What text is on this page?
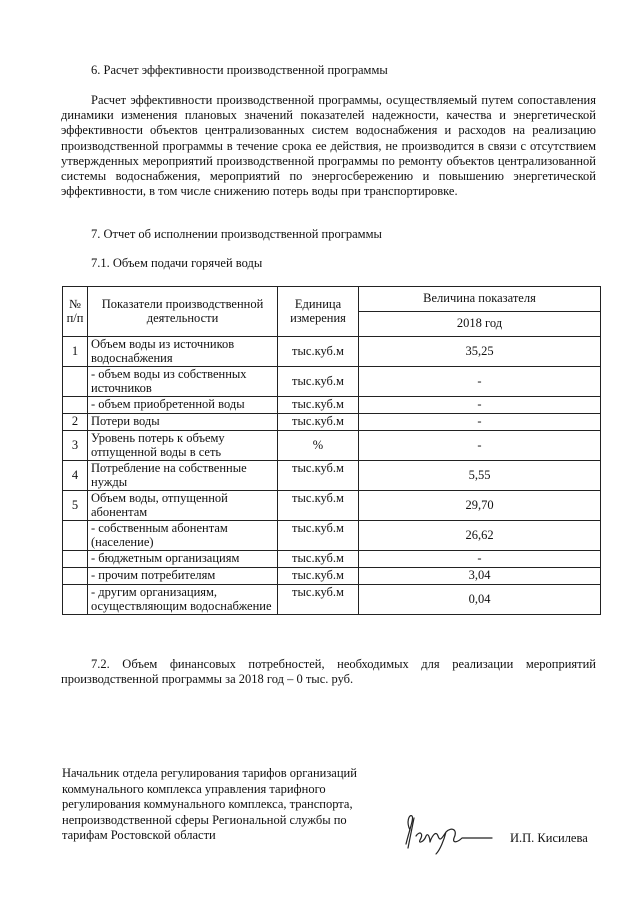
6. Расчет эффективности производственной программы
Расчет эффективности производственной программы, осуществляемый путем сопоставления динамики изменения плановых значений показателей надежности, качества и энергетической эффективности объектов централизованных систем водоснабжения и расходов на реализацию производственной программы в течение срока ее действия, не производится в связи с отсутствием утвержденных мероприятий производственной программы по ремонту объектов централизованной системы водоснабжения, мероприятий по энергосбережению и повышению энергетической эффективности, в том числе снижению потерь воды при транспортировке.
7. Отчет об исполнении производственной программы
7.1. Объем подачи горячей воды
№ п/п	Показатели производственной деятельности	Единица измерения	Величина показателя
			2018 год
1	Объем воды из источников водоснабжения	тыс.куб.м	35,25
	- объем воды из собственных источников	тыс.куб.м	-
	- объем приобретенной воды	тыс.куб.м	-
2	Потери воды	тыс.куб.м	-
3	Уровень потерь к объему отпущенной воды в сеть	%	-
4	Потребление на собственные нужды	тыс.куб.м	5,55
5	Объем воды, отпущенной абонентам	тыс.куб.м	29,70
	- собственным абонентам (население)	тыс.куб.м	26,62
	- бюджетным организациям	тыс.куб.м	-
	- прочим потребителям	тыс.куб.м	3,04
	- другим организациям, осуществляющим водоснабжение	тыс.куб.м	0,04
7.2. Объем финансовых потребностей, необходимых для реализации мероприятий производственной программы за 2018 год – 0 тыс. руб.
Начальник отдела регулирования тарифов организаций коммунального комплекса управления тарифного регулирования коммунального комплекса, транспорта, непроизводственной сферы Региональной службы по тарифам Ростовской области	И.П. Кисилева
